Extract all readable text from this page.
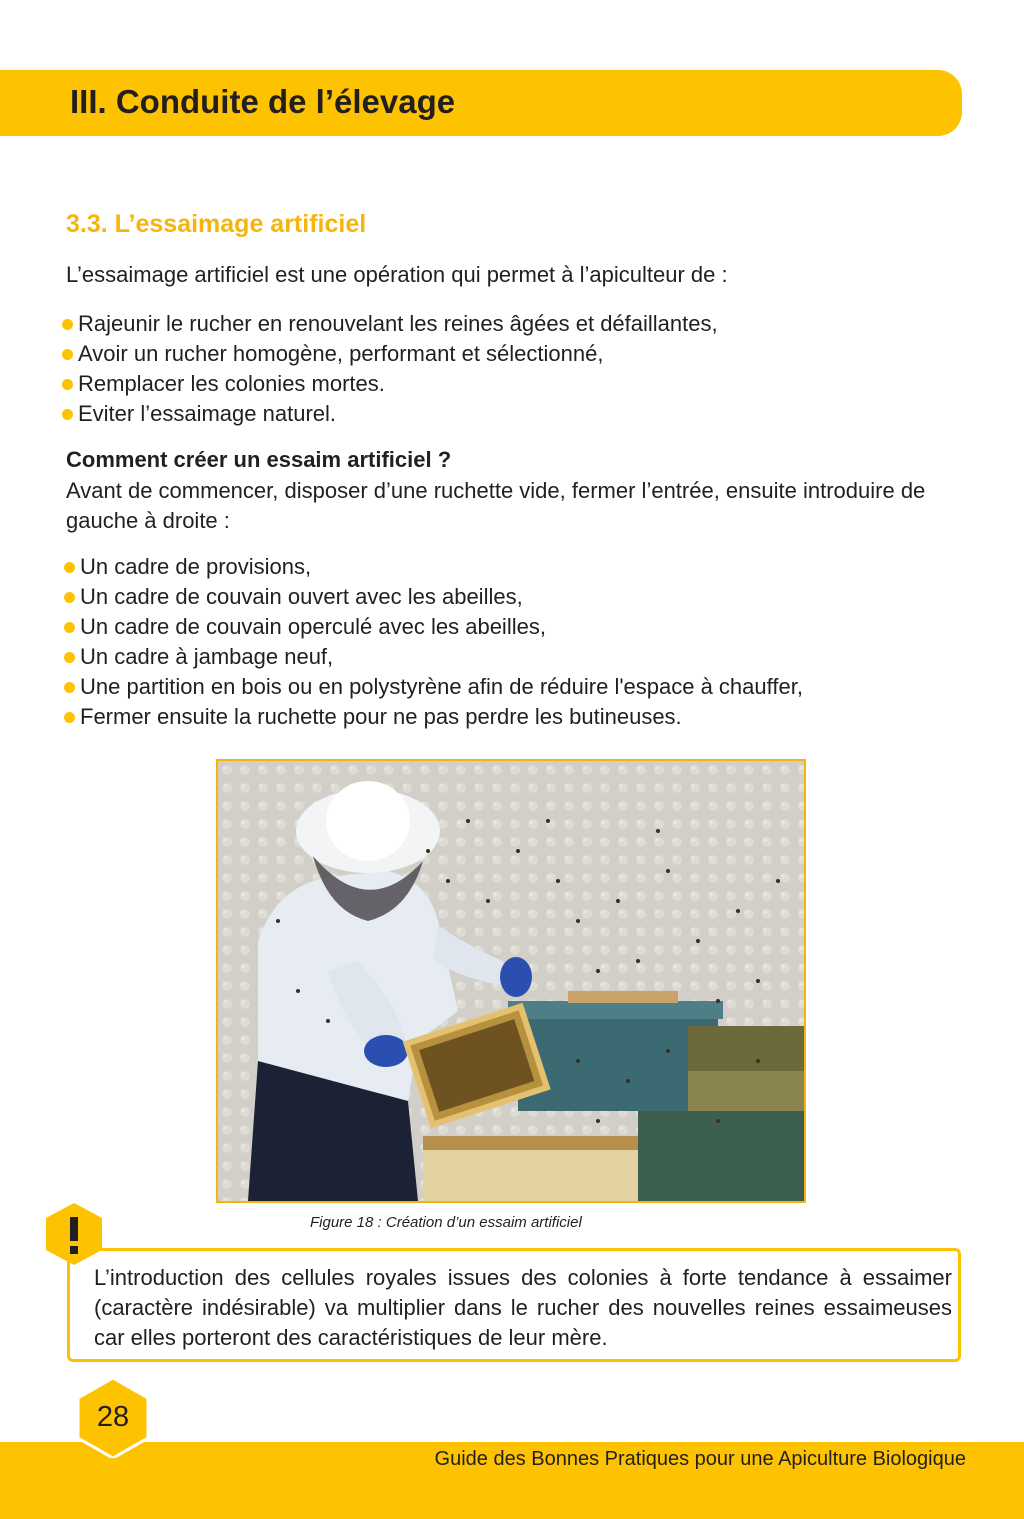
III. Conduite de l’élevage
3.3. L’essaimage artificiel

L’essaimage artificiel est une opération qui permet à l’apiculteur de :

Rajeunir le rucher en renouvelant les reines âgées et défaillantes,
Avoir un rucher homogène, performant et sélectionné,
Remplacer les colonies mortes.
Eviter l’essaimage naturel.

Comment créer un essaim artificiel ?

Avant de commencer, disposer d’une ruchette vide, fermer l’entrée, ensuite introduire de gauche à droite :

Un cadre de provisions,
Un cadre de couvain ouvert avec les abeilles,
Un cadre de couvain operculé avec les abeilles,
Un cadre à jambage neuf,
Une partition en bois ou en polystyrène afin de réduire l'espace à chauffer,
Fermer ensuite la ruchette pour ne pas perdre les butineuses.

Figure 18 : Création d’un essaim artificiel

L’introduction des cellules royales issues des colonies à forte tendance à essaimer (caractère indésirable) va multiplier dans le rucher des nouvelles reines essaimeuses car elles porteront des caractéristiques de leur mère.

Guide des Bonnes Pratiques pour une Apiculture Biologique

28
